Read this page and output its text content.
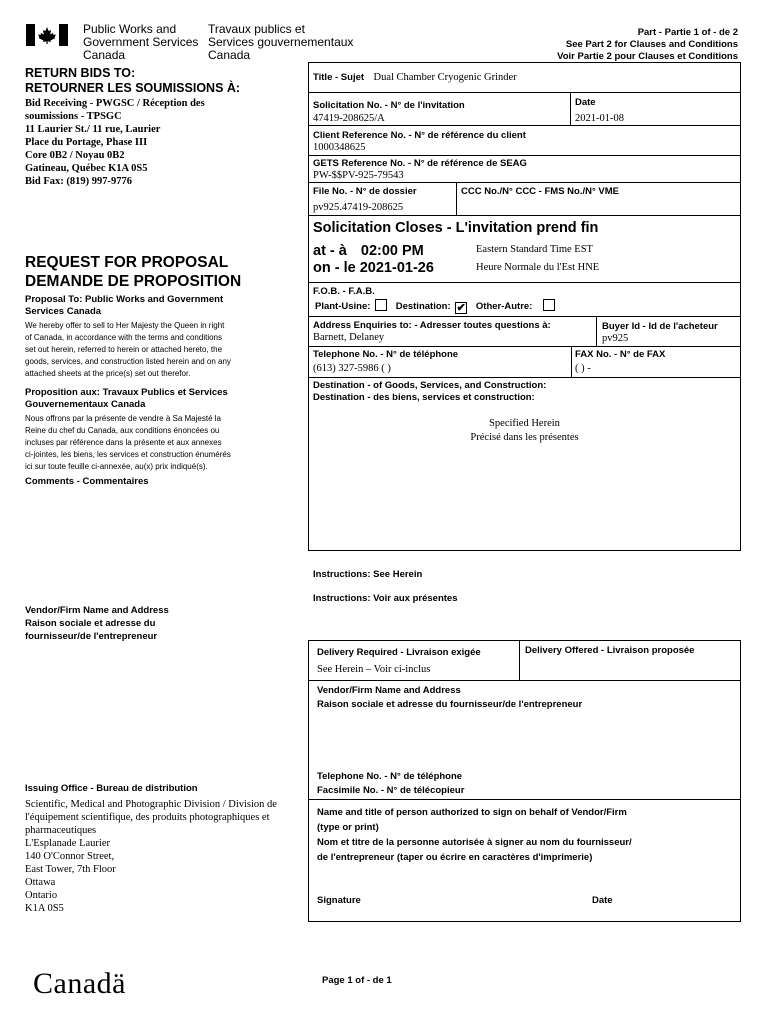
Public Works and
Government Services
Canada
Travaux publics et
Services gouvernementaux
Canada
Part - Partie 1 of - de 2
See Part 2 for Clauses and Conditions
Voir Partie 2 pour Clauses et Conditions
RETURN BIDS TO:
RETOURNER LES SOUMISSIONS À:
Bid Receiving - PWGSC / Réception des
soumissions - TPSGC
11 Laurier St./ 11 rue, Laurier
Place du Portage, Phase III
Core 0B2 / Noyau 0B2
Gatineau, Québec K1A 0S5
Bid Fax: (819) 997-9776
REQUEST FOR PROPOSAL
DEMANDE DE PROPOSITION
Proposal To: Public Works and Government
Services Canada
We hereby offer to sell to Her Majesty the Queen in right
of Canada, in accordance with the terms and conditions
set out herein, referred to herein or attached hereto, the
goods, services, and construction listed herein and on any
attached sheets at the price(s) set out therefor.
Proposition aux: Travaux Publics et Services
Gouvernementaux Canada
Nous offrons par la présente de vendre à Sa Majesté la
Reine du chef du Canada, aux conditions énoncées ou
incluses par référence dans la présente et aux annexes
ci-jointes, les biens, les services et construction énumérés
ici sur toute feuille ci-annexée, au(x) prix indiqué(s).
Comments - Commentaires
Vendor/Firm Name and Address
Raison sociale et adresse du
fournisseur/de l'entrepreneur
Issuing Office - Bureau de distribution
Scientific, Medical and Photographic Division / Division de
l'équipement scientifique, des produits photographiques et
pharmaceutiques
L'Esplanade Laurier
140 O'Connor Street,
East Tower, 7th Floor
Ottawa
Ontario
K1A 0S5
Title - Sujet Dual Chamber Cryogenic Grinder
Solicitation No. - N° de l'invitation
47419-208625/A
Date
2021-01-08
Client Reference No. - N° de référence du client
1000348625
GETS Reference No. - N° de référence de SEAG
PW-$$PV-925-79543
File No. - N° de dossier
pv925.47419-208625
CCC No./N° CCC - FMS No./N° VME
Solicitation Closes - L'invitation prend fin
at - à 02:00 PM
on - le 2021-01-26
Eastern Standard Time EST
Heure Normale du l'Est HNE
F.O.B. - F.A.B.
Plant-Usine:	Destination: ✔ Other-Autre:
Address Enquiries to: - Adresser toutes questions à:
Barnett, Delaney
Buyer Id - Id de l'acheteur
pv925
Telephone No. - N° de téléphone
(613) 327-5986 ( )
FAX No. - N° de FAX
( ) -
Destination - of Goods, Services, and Construction:
Destination - des biens, services et construction:
Specified Herein
Précisé dans les présentes
Instructions: See Herein
Instructions: Voir aux présentes
Delivery Required - Livraison exigée
See Herein – Voir ci-inclus
Delivery Offered - Livraison proposée
Vendor/Firm Name and Address
Raison sociale et adresse du fournisseur/de l'entrepreneur
Telephone No. - N° de téléphone
Facsimile No. - N° de télécopieur
Name and title of person authorized to sign on behalf of Vendor/Firm
(type or print)
Nom et titre de la personne autorisée à signer au nom du fournisseur/
de l'entrepreneur (taper ou écrire en caractères d'imprimerie)
Signature	Date
Canadä	Page 1 of - de 1
